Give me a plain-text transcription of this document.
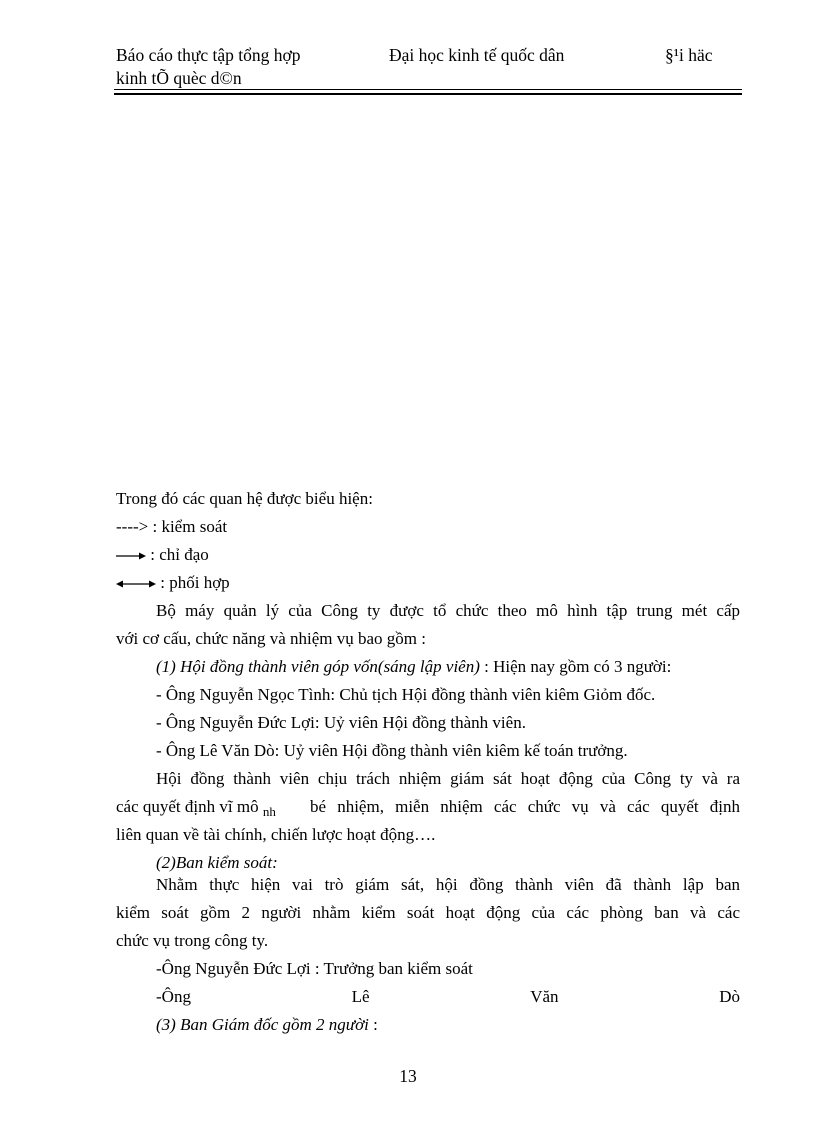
Báo cáo thực tập tổng hợp	Đại học kinh tế quốc dân	§¹i häc
kinh tÕ quèc d©n
Trong đó các quan hệ được biểu hiện:
----> : kiểm soát
: chỉ đạo
: phối hợp
Bộ máy quản lý của Công ty được tổ chức theo mô hình tập trung mét cấp
với cơ cấu, chức năng và nhiệm vụ bao gồm :
(1) Hội đồng thành viên góp vốn(sáng lập viên) : Hiện nay gồm có 3 người:
- Ông Nguyễn Ngọc Tình: Chủ tịch Hội đồng thành viên kiêm Giỏm đốc.
- Ông Nguyễn Đức Lợi: Uỷ viên Hội đồng thành viên.
- Ông Lê Văn Dò: Uỷ viên Hội đồng thành viên kiêm kế toán trưởng.
Hội đồng thành viên chịu trách nhiệm giám sát hoạt động của Công ty và ra
các quyết định vĩ mô $_{nh}$ bé nhiệm, miễn nhiệm các chức vụ và các quyết định
liên quan về tài chính, chiến lược hoạt động….
(2)Ban kiểm soát:
Nhằm thực hiện vai trò giám sát, hội đồng thành viên đã thành lập ban
kiểm soát gồm 2 người nhằm kiểm soát hoạt động của các phòng ban và các
chức vụ trong công ty.
-Ông Nguyễn Đức Lợi : Trưởng ban kiểm soát
-Ông	Lê	Văn	Dò
(3) Ban Giám đốc gồm 2 người :
13
